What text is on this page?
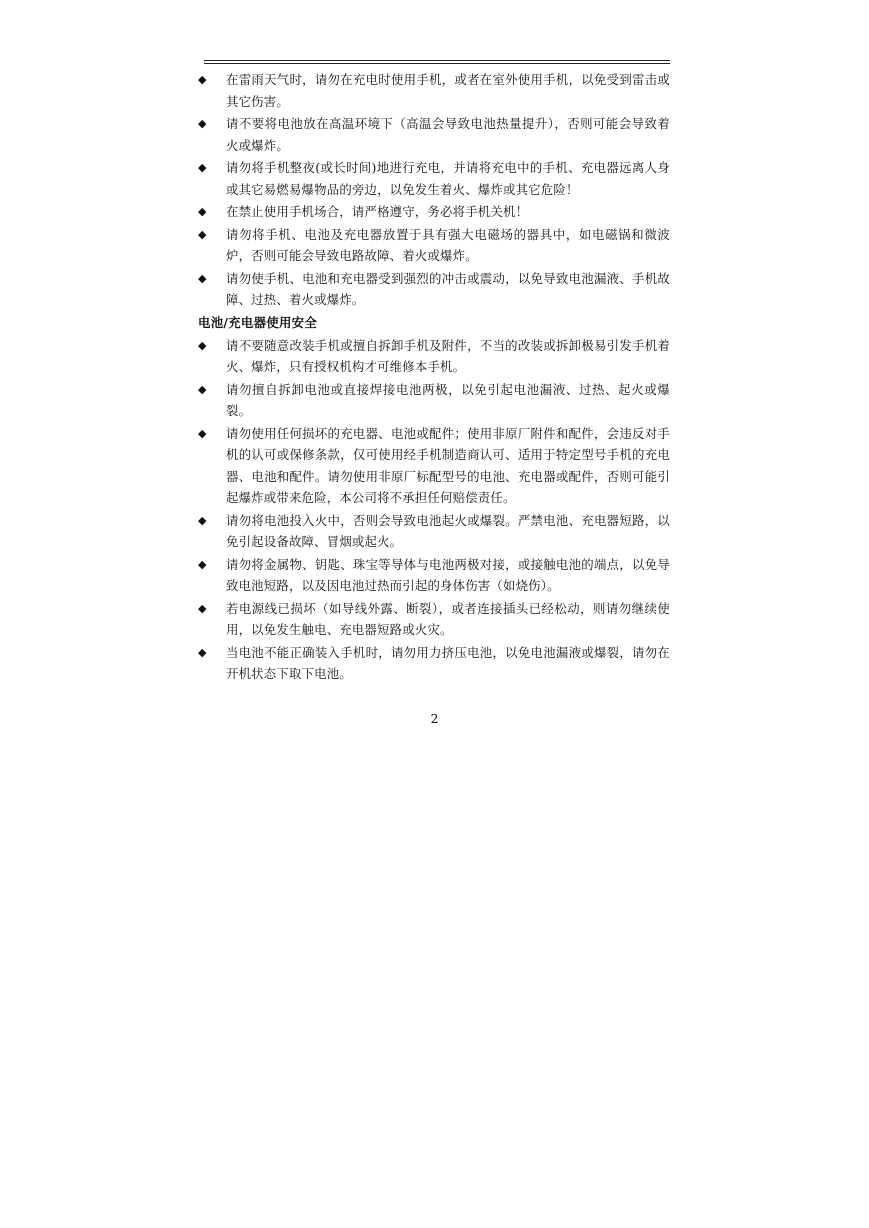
◆	在雷雨天气时，请勿在充电时使用手机，或者在室外使用手机，以免受到雷击或其它伤害。
◆	请不要将电池放在高温环境下（高温会导致电池热量提升），否则可能会导致着火或爆炸。
◆	请勿将手机整夜(或长时间)地进行充电，并请将充电中的手机、充电器远离人身或其它易燃易爆物品的旁边，以免发生着火、爆炸或其它危险！
◆	在禁止使用手机场合，请严格遵守，务必将手机关机！
◆	请勿将手机、电池及充电器放置于具有强大电磁场的器具中，如电磁锅和微波炉，否则可能会导致电路故障、着火或爆炸。
◆	请勿使手机、电池和充电器受到强烈的冲击或震动，以免导致电池漏液、手机故障、过热、着火或爆炸。
电池/充电器使用安全
◆	请不要随意改装手机或擅自拆卸手机及附件，不当的改装或拆卸极易引发手机着火、爆炸，只有授权机构才可维修本手机。
◆	请勿擅自拆卸电池或直接焊接电池两极，以免引起电池漏液、过热、起火或爆裂。
◆	请勿使用任何损坏的充电器、电池或配件；使用非原厂附件和配件，会违反对手机的认可或保修条款，仅可使用经手机制造商认可、适用于特定型号手机的充电器、电池和配件。请勿使用非原厂标配型号的电池、充电器或配件，否则可能引起爆炸或带来危险，本公司将不承担任何赔偿责任。
◆	请勿将电池投入火中，否则会导致电池起火或爆裂。严禁电池、充电器短路，以免引起设备故障、冒烟或起火。
◆	请勿将金属物、钥匙、珠宝等导体与电池两极对接，或接触电池的端点，以免导致电池短路，以及因电池过热而引起的身体伤害（如烧伤）。
◆	若电源线已损坏（如导线外露、断裂），或者连接插头已经松动，则请勿继续使用，以免发生触电、充电器短路或火灾。
◆	当电池不能正确装入手机时，请勿用力挤压电池，以免电池漏液或爆裂，请勿在开机状态下取下电池。
2
